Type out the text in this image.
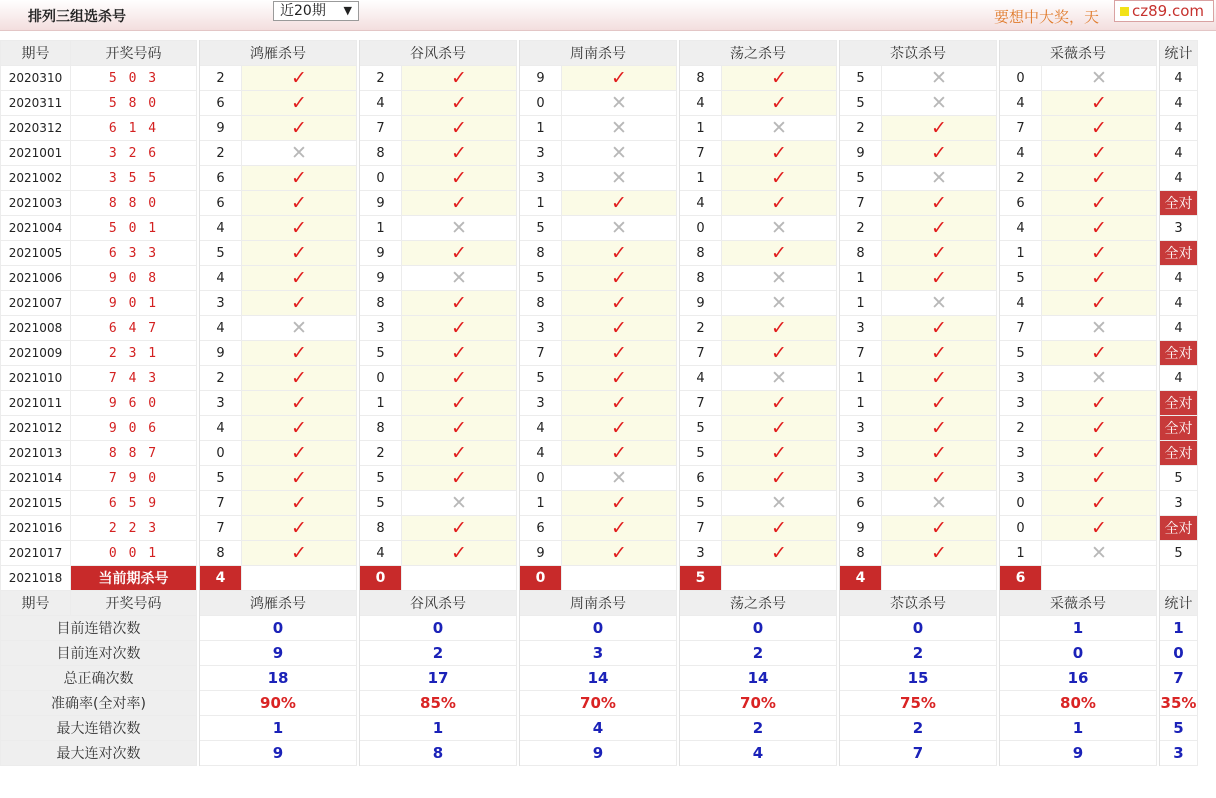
排列三组选杀号	近20期 ▼	要想中大奖，天	cz89.com
期号	开奖号码		鸿雁杀号			谷风杀号			周南杀号			荡之杀号			苶苡杀号			采薇杀号			统计
2020310	5 0 3		2	✓		2	✓		9	✓		8	✓		5	✕		0	✕		4
2020311	5 8 0		6	✓		4	✓		0	✕		4	✓		5	✕		4	✓		4
2020312	6 1 4		9	✓		7	✓		1	✕		1	✕		2	✓		7	✓		4
2021001	3 2 6		2	✕		8	✓		3	✕		7	✓		9	✓		4	✓		4
2021002	3 5 5		6	✓		0	✓		3	✕		1	✓		5	✕		2	✓		4
2021003	8 8 0		6	✓		9	✓		1	✓		4	✓		7	✓		6	✓		全对
2021004	5 0 1		4	✓		1	✕		5	✕		0	✕		2	✓		4	✓		3
2021005	6 3 3		5	✓		9	✓		8	✓		8	✓		8	✓		1	✓		全对
2021006	9 0 8		4	✓		9	✕		5	✓		8	✕		1	✓		5	✓		4
2021007	9 0 1		3	✓		8	✓		8	✓		9	✕		1	✕		4	✓		4
2021008	6 4 7		4	✕		3	✓		3	✓		2	✓		3	✓		7	✕		4
2021009	2 3 1		9	✓		5	✓		7	✓		7	✓		7	✓		5	✓		全对
2021010	7 4 3		2	✓		0	✓		5	✓		4	✕		1	✓		3	✕		4
2021011	9 6 0		3	✓		1	✓		3	✓		7	✓		1	✓		3	✓		全对
2021012	9 0 6		4	✓		8	✓		4	✓		5	✓		3	✓		2	✓		全对
2021013	8 8 7		0	✓		2	✓		4	✓		5	✓		3	✓		3	✓		全对
2021014	7 9 0		5	✓		5	✓		0	✕		6	✓		3	✓		3	✓		5
2021015	6 5 9		7	✓		5	✕		1	✓		5	✕		6	✕		0	✓		3
2021016	2 2 3		7	✓		8	✓		6	✓		7	✓		9	✓		0	✓		全对
2021017	0 0 1		8	✓		4	✓		9	✓		3	✓		8	✓		1	✕		5
2021018	当前期杀号		4			0			0			5			4			6			
期号	开奖号码		鸿雁杀号			谷风杀号			周南杀号			荡之杀号			苶苡杀号			采薇杀号			统计
目前连错次数			0			0			0			0			0			1			1
目前连对次数			9			2			3			2			2			0			0
总正确次数			18			17			14			14			15			16			7
准确率(全对率)			90%			85%			70%			70%			75%			80%			35%
最大连错次数			1			1			4			2			2			1			5
最大连对次数			9			8			9			4			7			9			3
